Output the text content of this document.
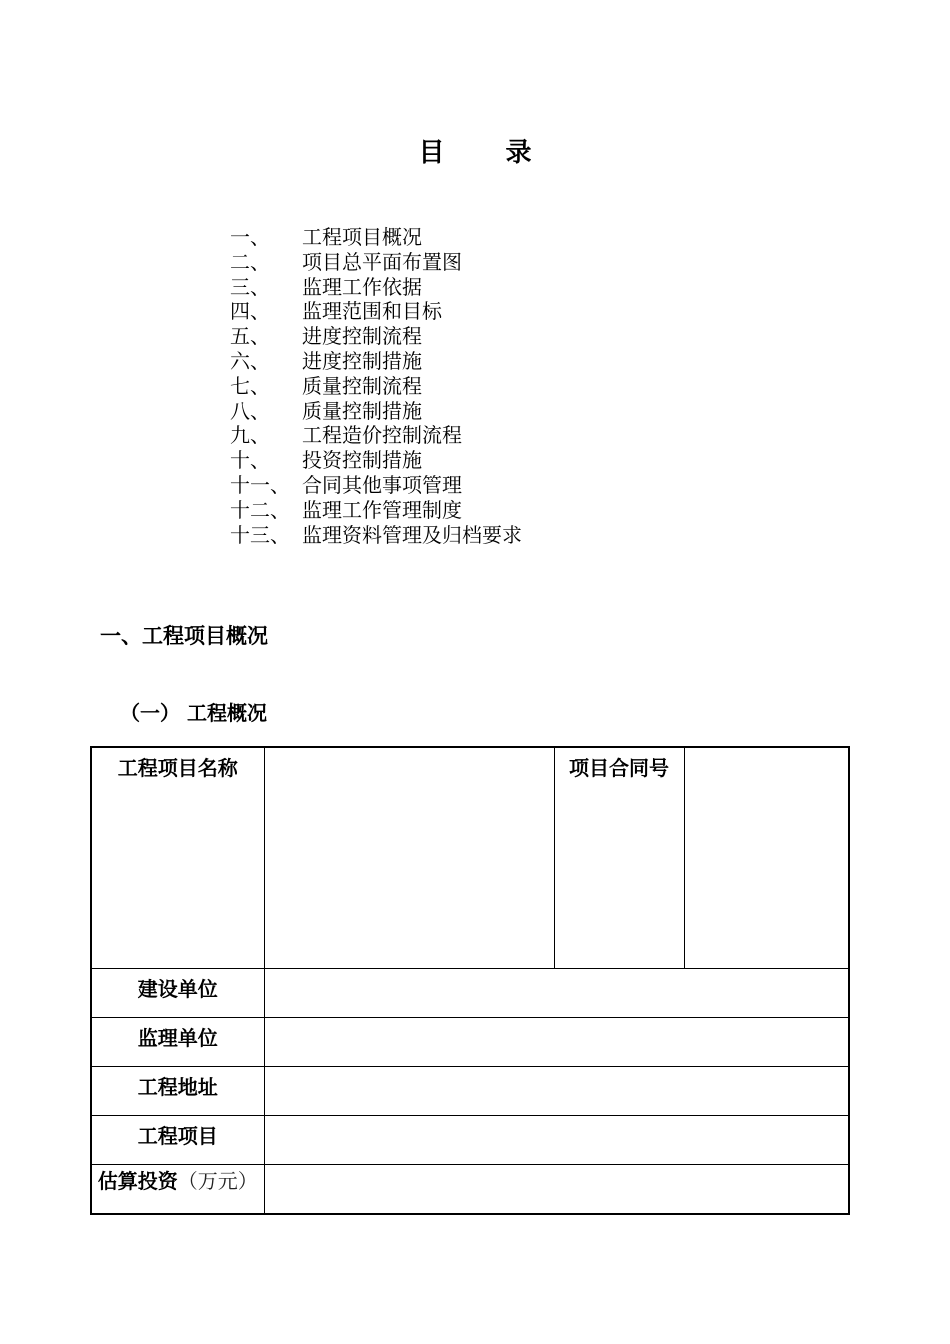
目 录
一、 工程项目概况
二、 项目总平面布置图
三、 监理工作依据
四、 监理范围和目标
五、 进度控制流程
六、 进度控制措施
七、 质量控制流程
八、 质量控制措施
九、 工程造价控制流程
十、 投资控制措施
十一、 合同其他事项管理
十二、 监理工作管理制度
十三、 监理资料管理及归档要求
一、工程项目概况
（一） 工程概况
工程项目名称		项目合同号	
建设单位			
监理单位			
工程地址			
工程项目			

估算投资（万元）			
